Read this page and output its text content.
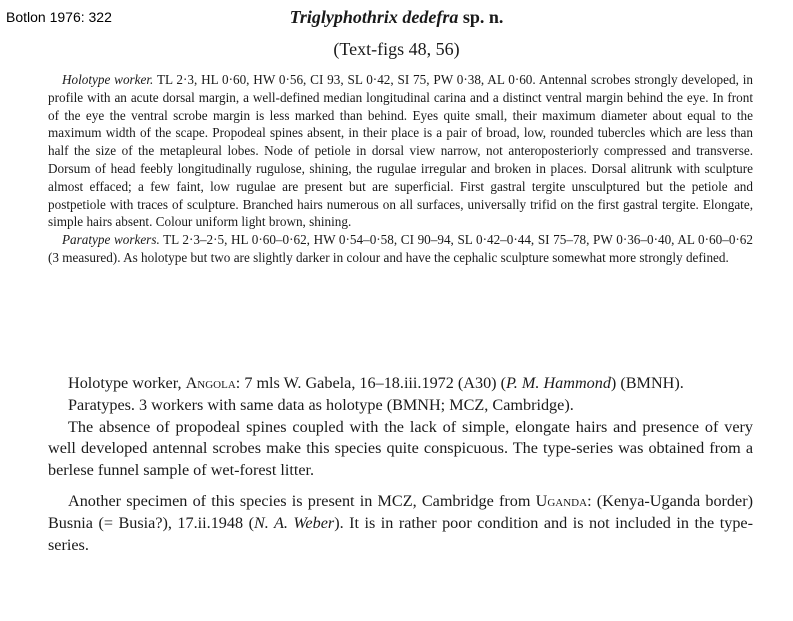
Botlon 1976: 322	Triglyphothrix dedefra sp. n.
(Text-figs 48, 56)

Holotype worker. TL 2·3, HL 0·60, HW 0·56, CI 93, SL 0·42, SI 75, PW 0·38, AL 0·60. Antennal scrobes strongly developed, in profile with an acute dorsal margin, a well-defined median longitudinal carina and a distinct ventral margin behind the eye. In front of the eye the ventral scrobe margin is less marked than behind. Eyes quite small, their maximum diameter about equal to the maximum width of the scape. Propodeal spines absent, in their place is a pair of broad, low, rounded tubercles which are less than half the size of the metapleural lobes. Node of petiole in dorsal view narrow, not anteroposteriorly compressed and transverse. Dorsum of head feebly longitudinally rugulose, shining, the rugulae irregular and broken in places. Dorsal alitrunk with sculpture almost effaced; a few faint, low rugulae are present but are superficial. First gastral tergite unsculptured but the petiole and postpetiole with traces of sculpture. Branched hairs numerous on all surfaces, universally trifid on the first gastral tergite. Elongate, simple hairs absent. Colour uniform light brown, shining.

Paratype workers. TL 2·3–2·5, HL 0·60–0·62, HW 0·54–0·58, CI 90–94, SL 0·42–0·44, SI 75–78, PW 0·36–0·40, AL 0·60–0·62 (3 measured). As holotype but two are slightly darker in colour and have the cephalic sculpture somewhat more strongly defined.

Holotype worker, Angola: 7 mls W. Gabela, 16–18.iii.1972 (A30) (P. M. Hammond) (BMNH).

Paratypes. 3 workers with same data as holotype (BMNH; MCZ, Cambridge).

The absence of propodeal spines coupled with the lack of simple, elongate hairs and presence of very well developed antennal scrobes make this species quite conspicuous. The type-series was obtained from a berlese funnel sample of wet-forest litter.

Another specimen of this species is present in MCZ, Cambridge from Uganda: (Kenya-Uganda border) Busnia (= Busia?), 17.ii.1948 (N. A. Weber). It is in rather poor condition and is not included in the type-series.
